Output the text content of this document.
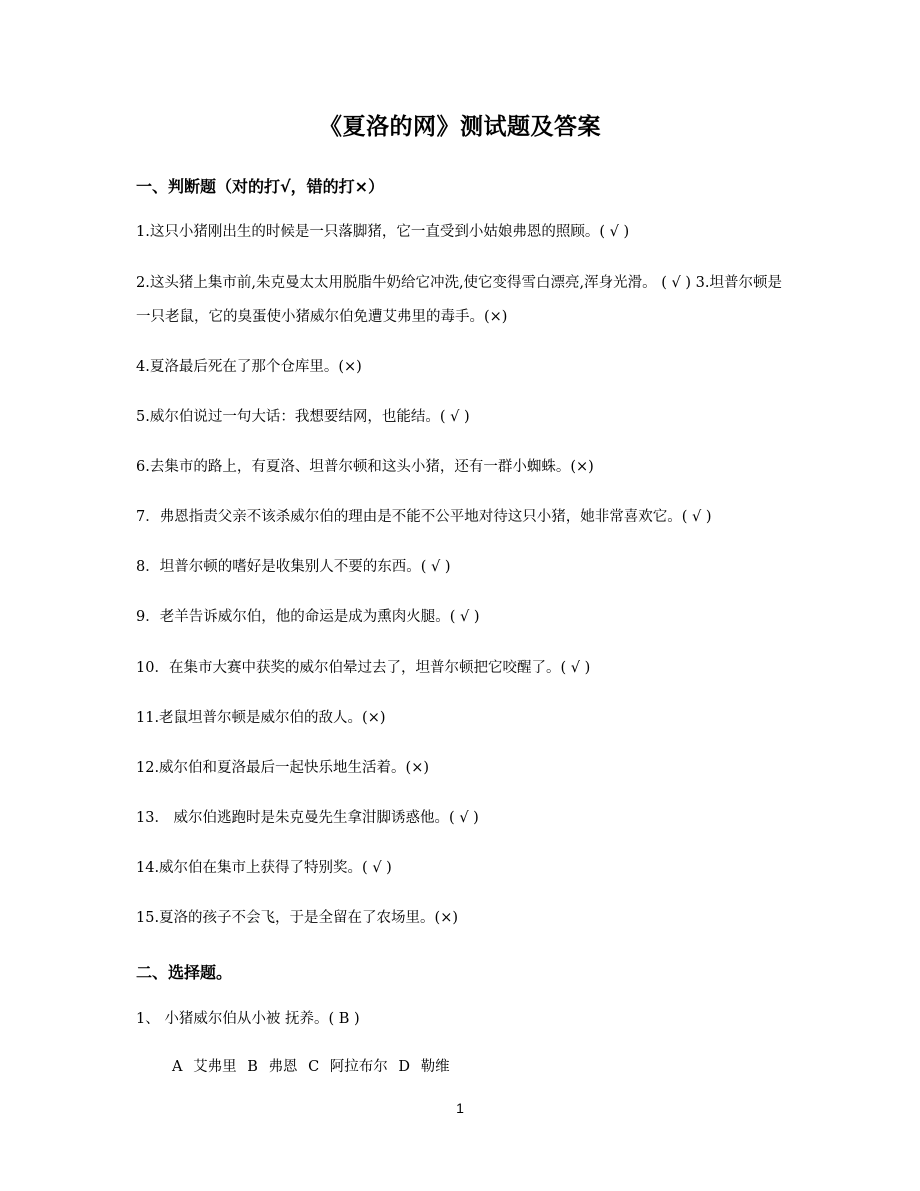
《夏洛的网》测试题及答案
一、判断题（对的打√，错的打×）
1.这只小猪刚出生的时候是一只落脚猪，它一直受到小姑娘弗恩的照顾。( √ )
2.这头猪上集市前,朱克曼太太用脱脂牛奶给它冲洗,使它变得雪白漂亮,浑身光滑。 ( √ ) 3.坦普尔顿是一只老鼠，它的臭蛋使小猪威尔伯免遭艾弗里的毒手。(×)
4.夏洛最后死在了那个仓库里。(×)
5.威尔伯说过一句大话：我想要结网，也能结。( √ )
6.去集市的路上，有夏洛、坦普尔顿和这头小猪，还有一群小蜘蛛。(×)
7．弗恩指责父亲不该杀威尔伯的理由是不能不公平地对待这只小猪，她非常喜欢它。( √ )
8．坦普尔顿的嗜好是收集别人不要的东西。( √ )
9．老羊告诉威尔伯，他的命运是成为熏肉火腿。( √ )
10．在集市大赛中获奖的威尔伯晕过去了，坦普尔顿把它咬醒了。( √ )
11.老鼠坦普尔顿是威尔伯的敌人。(×)
12.威尔伯和夏洛最后一起快乐地生活着。(×)
13． 威尔伯逃跑时是朱克曼先生拿泔脚诱惑他。( √ )
14.威尔伯在集市上获得了特别奖。( √ )
15.夏洛的孩子不会飞，于是全留在了农场里。(×)
二、选择题。
1、 小猪威尔伯从小被 抚养。( B )
A 艾弗里 B 弗恩 C 阿拉布尔 D 勒维
1
